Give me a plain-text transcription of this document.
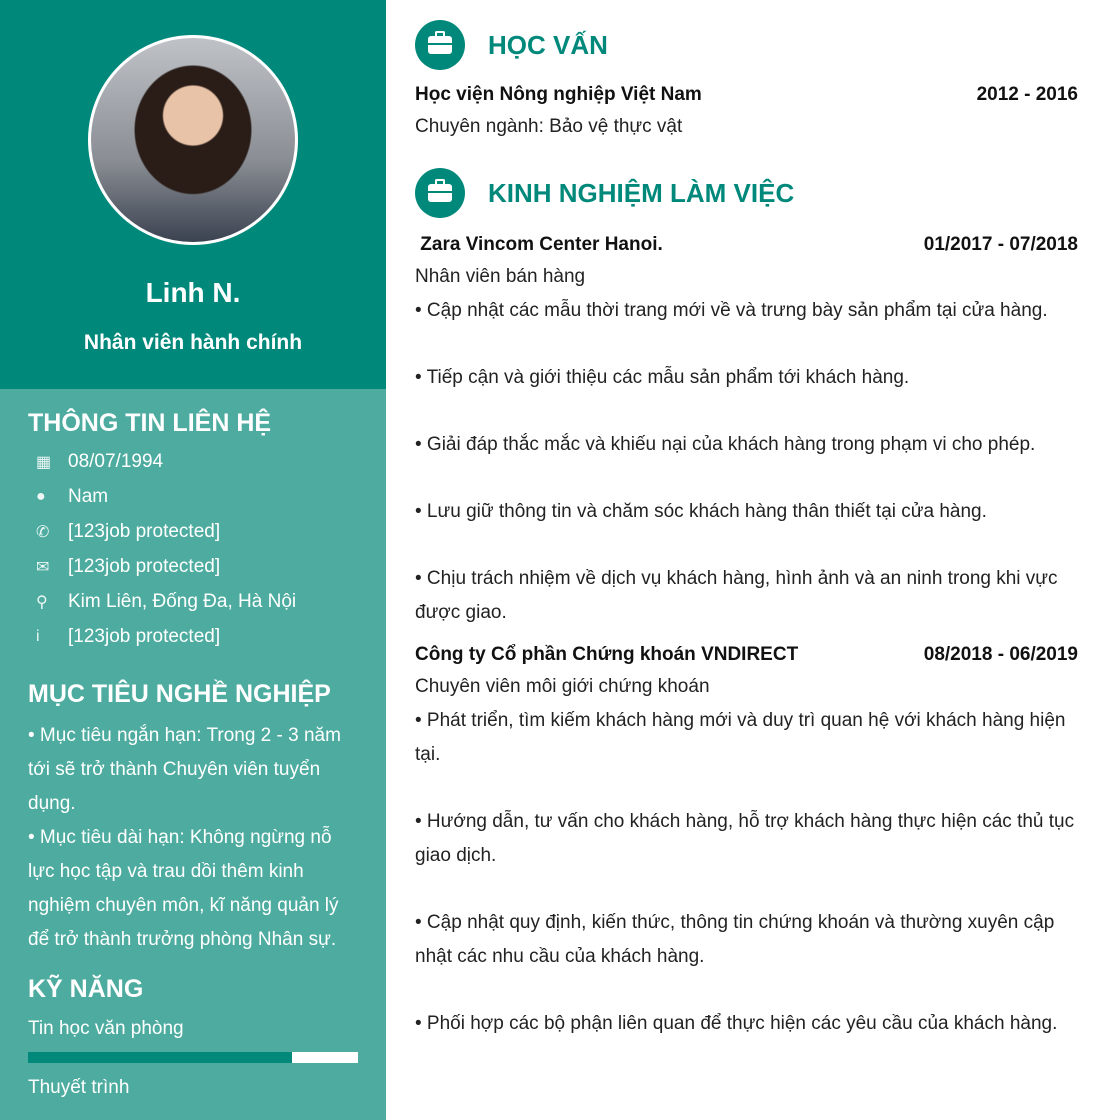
Linh N.
Nhân viên hành chính
THÔNG TIN LIÊN HỆ
▦ 08/07/1994
●	Nam
✆ [123job protected]
✉ [123job protected]
⚲	Kim Liên, Đống Đa, Hà Nội
i	[123job protected]
MỤC TIÊU NGHỀ NGHIỆP
• Mục tiêu ngắn hạn: Trong 2 - 3 năm tới sẽ trở thành Chuyên viên tuyển dụng.
• Mục tiêu dài hạn: Không ngừng nỗ lực học tập và trau dồi thêm kinh nghiệm chuyên môn, kĩ năng quản lý để trở thành trưởng phòng Nhân sự.
KỸ NĂNG
Tin học văn phòng
Thuyết trình
HỌC VẤN
Học viện Nông nghiệp Việt Nam	2012 - 2016
Chuyên ngành: Bảo vệ thực vật
KINH NGHIỆM LÀM VIỆC
Zara Vincom Center Hanoi.	01/2017 - 07/2018
Nhân viên bán hàng
• Cập nhật các mẫu thời trang mới về và trưng bày sản phẩm tại cửa hàng.
• Tiếp cận và giới thiệu các mẫu sản phẩm tới khách hàng.
• Giải đáp thắc mắc và khiếu nại của khách hàng trong phạm vi cho phép.
• Lưu giữ thông tin và chăm sóc khách hàng thân thiết tại cửa hàng.
• Chịu trách nhiệm về dịch vụ khách hàng, hình ảnh và an ninh trong khi vực được giao.
Công ty Cổ phần Chứng khoán VNDIRECT	08/2018 - 06/2019
Chuyên viên môi giới chứng khoán
• Phát triển, tìm kiếm khách hàng mới và duy trì quan hệ với khách hàng hiện tại.
• Hướng dẫn, tư vấn cho khách hàng, hỗ trợ khách hàng thực hiện các thủ tục giao dịch.
• Cập nhật quy định, kiến thức, thông tin chứng khoán và thường xuyên cập nhật các nhu cầu của khách hàng.
• Phối hợp các bộ phận liên quan để thực hiện các yêu cầu của khách hàng.
